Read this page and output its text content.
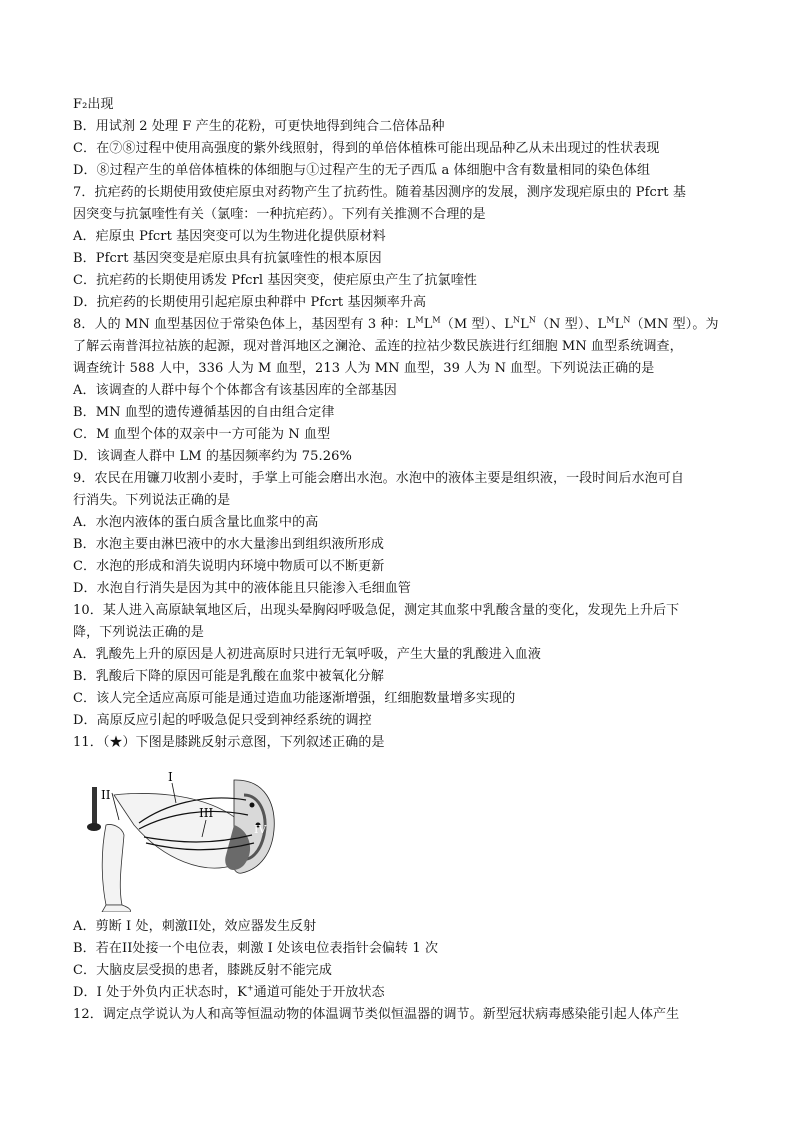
F₂出现
B．用试剂 2 处理 F 产生的花粉，可更快地得到纯合二倍体品种
C．在⑦⑧过程中使用高强度的紫外线照射，得到的单倍体植株可能出现品种乙从未出现过的性状表现
D．⑧过程产生的单倍体植株的体细胞与①过程产生的无子西瓜 a 体细胞中含有数量相同的染色体组
7．抗疟药的长期使用致使疟原虫对药物产生了抗药性。随着基因测序的发展，测序发现疟原虫的 Pfcrt 基
因突变与抗氯喹性有关（氯喹：一种抗疟药）。下列有关推测不合理的是
A．疟原虫 Pfcrt 基因突变可以为生物进化提供原材料
B．Pfcrt 基因突变是疟原虫具有抗氯喹性的根本原因
C．抗疟药的长期使用诱发 Pfcrl 基因突变，使疟原虫产生了抗氯喹性
D．抗疟药的长期使用引起疟原虫种群中 Pfcrt 基因频率升高
8．人的 MN 血型基因位于常染色体上，基因型有 3 种：$L^ML^M(M$ 型）、$L^NL^N(N$ 型）、$L^ML^N(MN$ 型）。为
了解云南普洱拉祜族的起源，现对普洱地区之澜沧、孟连的拉祜少数民族进行红细胞 MN 血型系统调查，
调查统计 588 人中，336 人为 M 血型，213 人为 MN 血型，39 人为 N 血型。下列说法正确的是
A．该调查的人群中每个个体都含有该基因库的全部基因
B．MN 血型的遗传遵循基因的自由组合定律
C．M 血型个体的双亲中一方可能为 N 血型
D．该调查人群中 LM 的基因频率约为 75.26%
9．农民在用镰刀收割小麦时，手掌上可能会磨出水泡。水泡中的液体主要是组织液，一段时间后水泡可自
行消失。下列说法正确的是
A．水泡内液体的蛋白质含量比血浆中的高
B．水泡主要由淋巴液中的水大量渗出到组织液所形成
C．水泡的形成和消失说明内环境中物质可以不断更新
D．水泡自行消失是因为其中的液体能且只能渗入毛细血管
10．某人进入高原缺氧地区后，出现头晕胸闷呼吸急促，测定其血浆中乳酸含量的变化，发现先上升后下
降，下列说法正确的是
A．乳酸先上升的原因是人初进高原时只进行无氧呼吸，产生大量的乳酸进入血液
B．乳酸后下降的原因可能是乳酸在血浆中被氧化分解
C．该人完全适应高原可能是通过造血功能逐渐增强，红细胞数量增多实现的
D．高原反应引起的呼吸急促只受到神经系统的调控
11．（★）下图是膝跳反射示意图，下列叙述正确的是
I
II
III
IV
A．剪断 I 处，刺激II处，效应器发生反射
B．若在II处接一个电位表，刺激 I 处该电位表指针会偏转 1 次
C．大脑皮层受损的患者，膝跳反射不能完成
D．I 处于外负内正状态时，K+通道可能处于开放状态
12．调定点学说认为人和高等恒温动物的体温调节类似恒温器的调节。新型冠状病毒感染能引起人体产生
